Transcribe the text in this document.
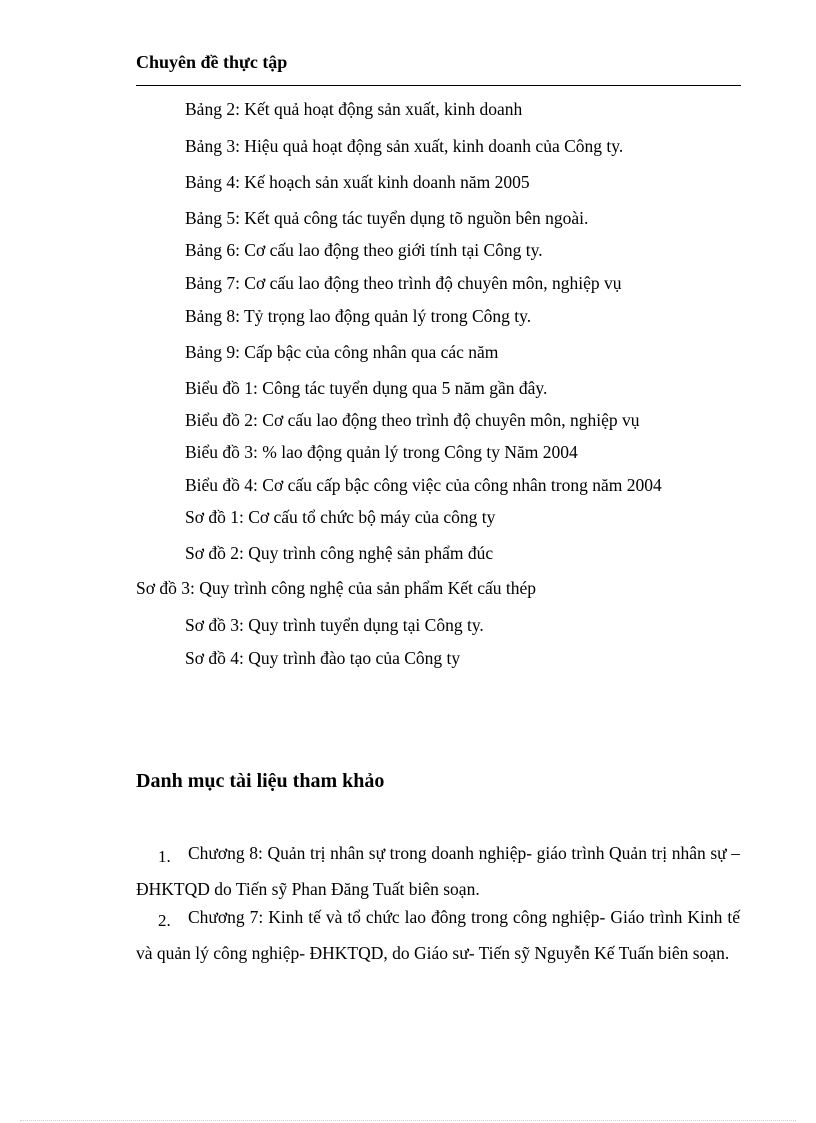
Chuyên đề thực tập
Bảng 2: Kết quả hoạt động sản xuất, kinh doanh
Bảng 3: Hiệu quả hoạt động sản xuất, kinh doanh của Công ty.
Bảng 4: Kế hoạch sản xuất kinh doanh năm 2005
Bảng 5: Kết quả công tác tuyển dụng tõ nguồn bên ngoài.
Bảng 6: Cơ cấu lao động theo giới tính tại Công ty.
Bảng 7: Cơ cấu lao động theo trình độ chuyên môn, nghiệp vụ
Bảng 8: Tỷ trọng lao động quản lý trong Công ty.
Bảng 9: Cấp bậc của công nhân qua các năm
Biểu đồ 1: Công tác tuyển dụng qua 5 năm gần đây.
Biểu đồ 2: Cơ cấu lao động theo trình độ chuyên môn, nghiệp vụ
Biểu đồ 3: % lao động quản lý trong Công ty Năm 2004
Biểu đồ 4: Cơ cấu cấp bậc công việc của công nhân trong năm 2004
Sơ đồ 1: Cơ cấu tổ chức bộ máy của công ty
Sơ đồ 2: Quy trình công nghệ sản phẩm đúc
Sơ đồ 3: Quy trình công nghệ của sản phẩm Kết cấu thép
Sơ đồ 3: Quy trình tuyển dụng tại Công ty.
Sơ đồ 4: Quy trình đào tạo của Công ty
Danh mục tài liệu tham khảo
1. Chương 8: Quản trị nhân sự trong doanh nghiệp- giáo trình Quản trị nhân sự – ĐHKTQD do Tiến sỹ Phan Đăng Tuất biên soạn.
2. Chương 7: Kinh tế và tổ chức lao đông trong công nghiệp- Giáo trình Kinh tế và quản lý công nghiệp- ĐHKTQD, do Giáo sư- Tiến sỹ Nguyễn Kế Tuấn biên soạn.
